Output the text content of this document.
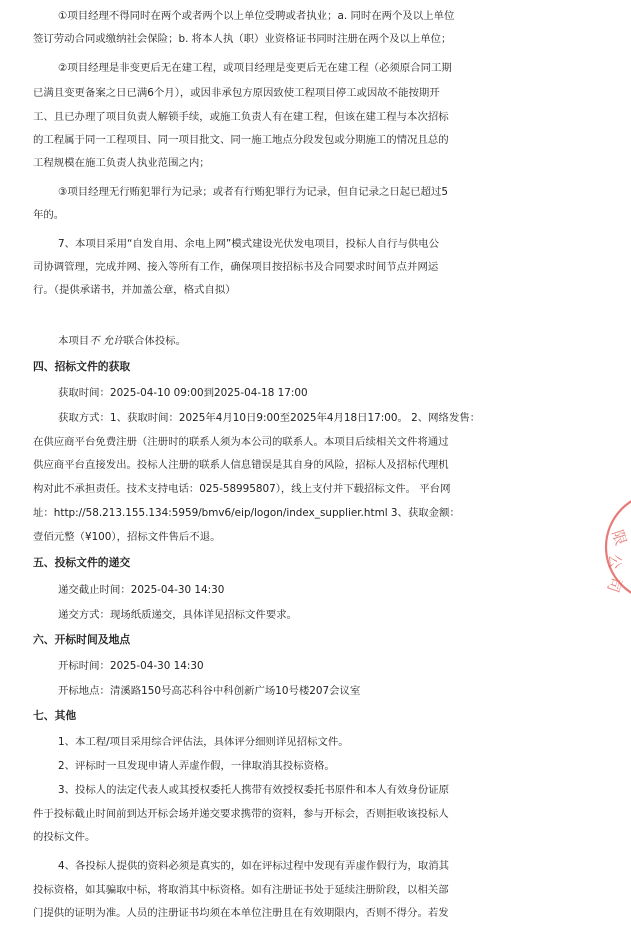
①项目经理不得同时在两个或者两个以上单位受聘或者执业；a. 同时在两个及以上单位
签订劳动合同或缴纳社会保险；b. 将本人执（职）业资格证书同时注册在两个及以上单位；
②项目经理是非变更后无在建工程，或项目经理是变更后无在建工程（必须原合同工期
已满且变更备案之日已满6个月），或因非承包方原因致使工程项目停工或因故不能按期开
工、且已办理了项目负责人解锁手续，或施工负责人有在建工程，但该在建工程与本次招标
的工程属于同一工程项目、同一项目批文、同一施工地点分段发包或分期施工的情况且总的
工程规模在施工负责人执业范围之内；
③项目经理无行贿犯罪行为记录；或者有行贿犯罪行为记录，但自记录之日起已超过5
年的。
7、本项目采用“自发自用、余电上网”模式建设光伏发电项目，投标人自行与供电公
司协调管理，完成并网、接入等所有工作，确保项目按招标书及合同要求时间节点并网运
行。（提供承诺书，并加盖公章，格式自拟）
本项目不 允许联合体投标。
四、招标文件的获取
获取时间：2025-04-10 09:00到2025-04-18 17:00
获取方式：1、获取时间：2025年4月10日9:00至2025年4月18日17:00。 2、网络发售：
在供应商平台免费注册（注册时的联系人须为本公司的联系人。本项目后续相关文件将通过
供应商平台直接发出。投标人注册的联系人信息错误是其自身的风险，招标人及招标代理机
构对此不承担责任。技术支持电话：025-58995807），线上支付并下载招标文件。 平台网
址：http://58.213.155.134:5959/bmv6/eip/logon/index_supplier.html 3、获取金额：
壹佰元整（¥100），招标文件售后不退。
五、投标文件的递交
递交截止时间：2025-04-30 14:30
递交方式：现场纸质递交，具体详见招标文件要求。
六、开标时间及地点
开标时间：2025-04-30 14:30
开标地点：清溪路150号高芯科谷中科创新广场10号楼207会议室
七、其他
1、本工程/项目采用综合评估法，具体评分细则详见招标文件。
2、评标时一旦发现申请人弄虚作假，一律取消其投标资格。
3、投标人的法定代表人或其授权委托人携带有效授权委托书原件和本人有效身份证原
件于投标截止时间前到达开标会场并递交要求携带的资料，参与开标会，否则拒收该投标人
的投标文件。
4、各投标人提供的资料必须是真实的，如在评标过程中发现有弄虚作假行为，取消其
投标资格，如其骗取中标，将取消其中标资格。如有注册证书处于延续注册阶段，以相关部
门提供的证明为准。人员的注册证书均须在本单位注册且在有效期限内，否则不得分。若发
限
公
司
